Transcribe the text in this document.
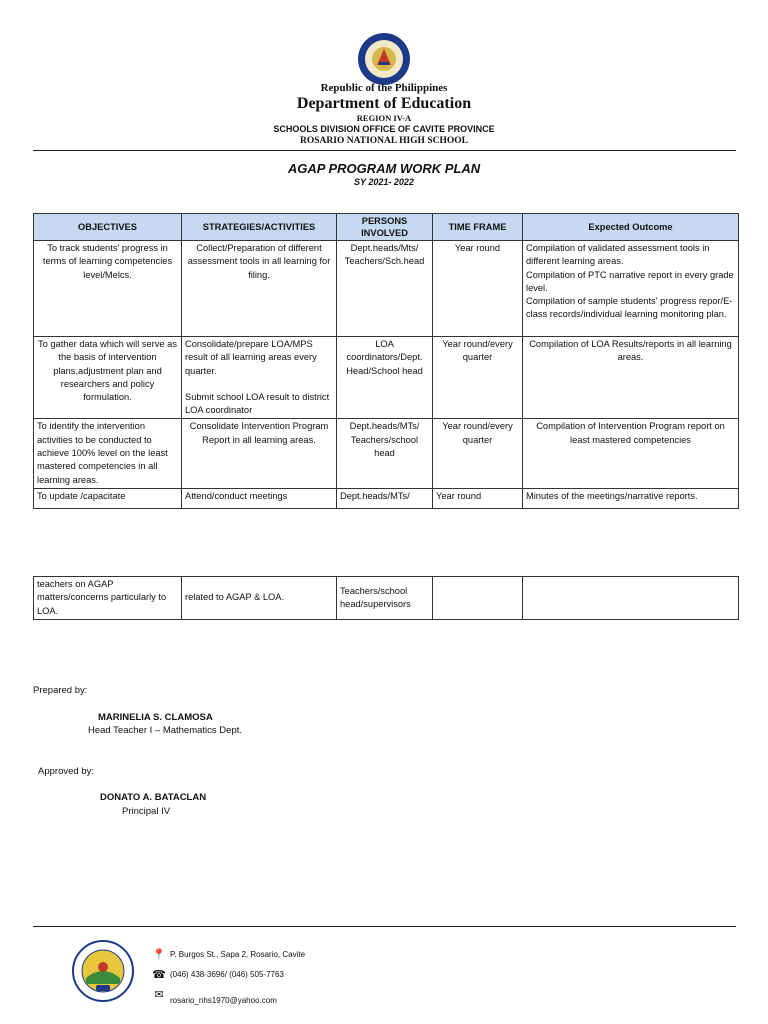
Republic of the Philippines
Department of Education
REGION IV-A
SCHOOLS DIVISION OFFICE OF CAVITE PROVINCE
ROSARIO NATIONAL HIGH SCHOOL
AGAP PROGRAM WORK PLAN
SY 2021- 2022
OBJECTIVES	STRATEGIES/ACTIVITIES	PERSONS INVOLVED	TIME FRAME	Expected Outcome
To track students' progress in terms of learning competencies level/Melcs.	Collect/Preparation of different assessment tools in all learning for filing.	Dept.heads/Mts/ Teachers/Sch.head	Year round	Compilation of validated assessment tools in different learning areas.
Compilation of PTC narrative report in every grade level.
Compilation of sample students' progress repor/E-class records/individual learning monitoring plan.

To gather data which will serve as the basis of intervention plans,adjustment plan and researchers and policy formulation.	Consolidate/prepare LOA/MPS result of all learning areas every quarter.
Submit school LOA result to district LOA coordinator	LOA coordinators/Dept. Head/School head	Year round/every quarter	Compilation of LOA Results/reports in all learning areas.
To identify the intervention activities to be conducted to achieve 100% level on the least mastered competencies in all learning areas.	Consolidate Intervention Program Report in all learning areas.	Dept.heads/MTs/ Teachers/school head	Year round/every quarter	Compilation of Intervention Program report on least mastered competencies
To update /capacitate	Attend/conduct meetings	Dept.heads/MTs/	Year round	Minutes of the meetings/narrative reports.
teachers on AGAP matters/concerns particularly to LOA.	related to AGAP & LOA.	Teachers/school head/supervisors		
Prepared by:
MARINELIA S. CLAMOSA
Head Teacher I – Mathematics Dept.
Approved by:
DONATO A. BATACLAN
Principal IV
📍 P. Burgos St., Sapa 2, Rosario, Cavite
☎ (046) 438-3696/ (046) 505-7763
✉ rosario_nhs1970@yahoo.com
